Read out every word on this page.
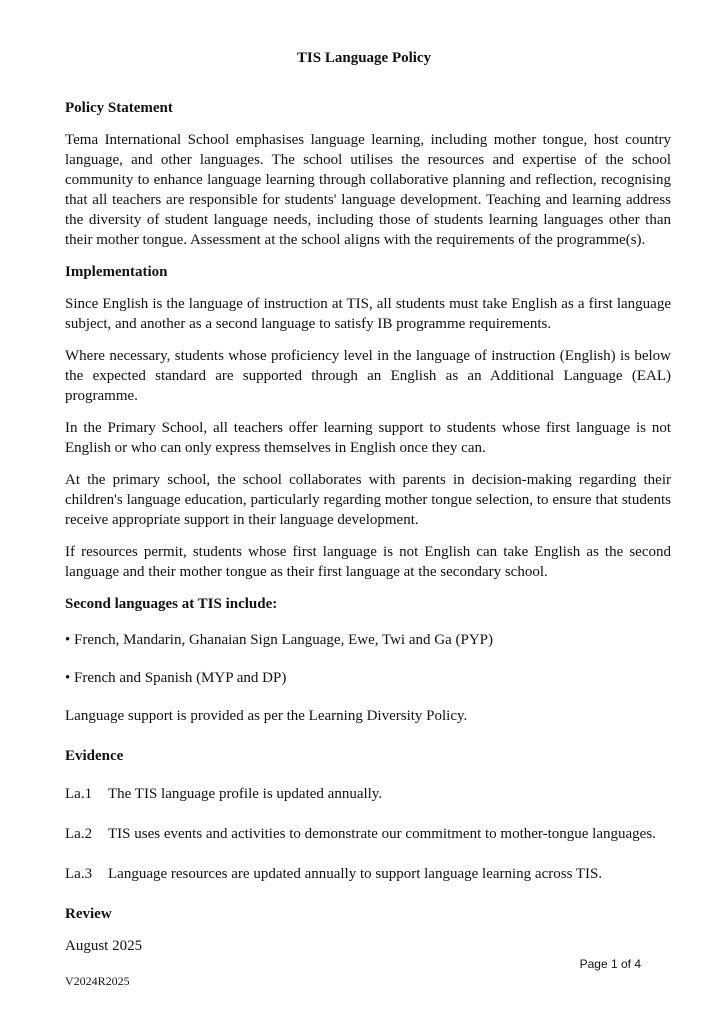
TIS Language Policy
Policy Statement

Tema International School emphasises language learning, including mother tongue, host country language, and other languages. The school utilises the resources and expertise of the school community to enhance language learning through collaborative planning and reflection, recognising that all teachers are responsible for students' language development. Teaching and learning address the diversity of student language needs, including those of students learning languages other than their mother tongue. Assessment at the school aligns with the requirements of the programme(s).

Implementation

Since English is the language of instruction at TIS, all students must take English as a first language subject, and another as a second language to satisfy IB programme requirements.

Where necessary, students whose proficiency level in the language of instruction (English) is below the expected standard are supported through an English as an Additional Language (EAL) programme.

In the Primary School, all teachers offer learning support to students whose first language is not English or who can only express themselves in English once they can.

At the primary school, the school collaborates with parents in decision-making regarding their children's language education, particularly regarding mother tongue selection, to ensure that students receive appropriate support in their language development.

If resources permit, students whose first language is not English can take English as the second language and their mother tongue as their first language at the secondary school.

Second languages at TIS include:
• French, Mandarin, Ghanaian Sign Language, Ewe, Twi and Ga (PYP)
• French and Spanish (MYP and DP)

Language support is provided as per the Learning Diversity Policy.

Evidence
La.1	The TIS language profile is updated annually.
La.2	TIS uses events and activities to demonstrate our commitment to mother-tongue languages.
La.3	Language resources are updated annually to support language learning across TIS.
Review
August 2025
Page 1 of 4
V2024R2025
